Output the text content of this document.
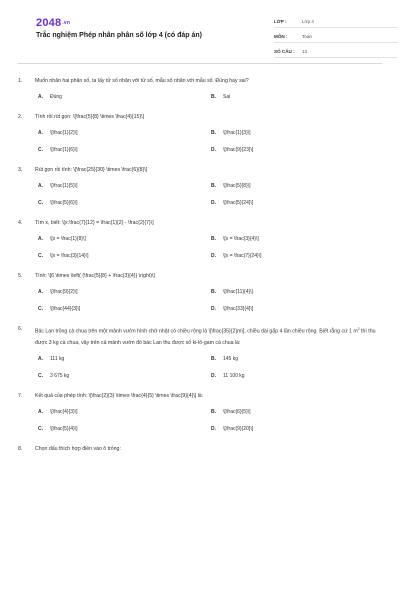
2048.vn
Trắc nghiệm Phép nhân phân số lớp 4 (có đáp án)
LỚP :	Lớp 4
MÔN :	Toán
SỐ CÂU :	13
1.	Muốn nhân hai phân số, ta lấy tử số nhân với tử số, mẫu số nhân với mẫu số. Đúng hay sai?
A.	Đúng	B.	Sai
2.	Tính rồi rút gọn: \[\frac{5}{8} \times \frac{4}{15}\]
A.	\[\frac{1}{2}\]	B.	\[\frac{1}{3}\]
C.	\[\frac{1}{6}\]	D.	\[\frac{9}{23}\]
3.	Rút gọn rồi tính: \[\frac{25}{30} \times \frac{6}{8}\]
A.	\[\frac{1}{5}\]	B.	\[\frac{5}{8}\]
C.	\[\frac{5}{6}\]	D.	\[\frac{5}{24}\]
4.	Tìm x, biết: \[x:\frac{7}{12} = \frac{1}{2} - \frac{2}{7}\]
A.	\[x = \frac{1}{8}\]	B.	\[x = \frac{3}{4}\]
C.	\[x = \frac{3}{14}\]	D.	\[x = \frac{7}{24}\]
5.	Tính: \[6 \times \left( {\frac{5}{8} + \frac{3}{4}} \right)\]
A.	\[\frac{9}{2}\]	B.	\[\frac{11}{4}\]
C.	\[\frac{44}{3}\]	D.	\[\frac{33}{4}\]
6.	Bác Lan trồng cà chua trên một mảnh vườn hình chữ nhật có chiều rộng là \[\frac{35}{2}m\], chiều dài gấp 4 lần chiều rộng. Biết rằng cứ 1 $m^2$ thì thu được 3 kg cà chua, vậy trên cả mảnh vườn đó bác Lan thu được số ki-lô-gam cà chua là:
A.	111 kg	B.	145 kg
C.	3 675 kg	D.	11 100 kg
7.	Kết quả của phép tính: \[\frac{2}{3} \times \frac{4}{5} \times \frac{9}{4}\] là:
A.	\[\frac{4}{3}\]	B.	\[\frac{6}{5}\]
C.	\[\frac{5}{4}\]	D.	\[\frac{9}{20}\]
8.	Chọn dấu thích hợp điền vào ô trống:
